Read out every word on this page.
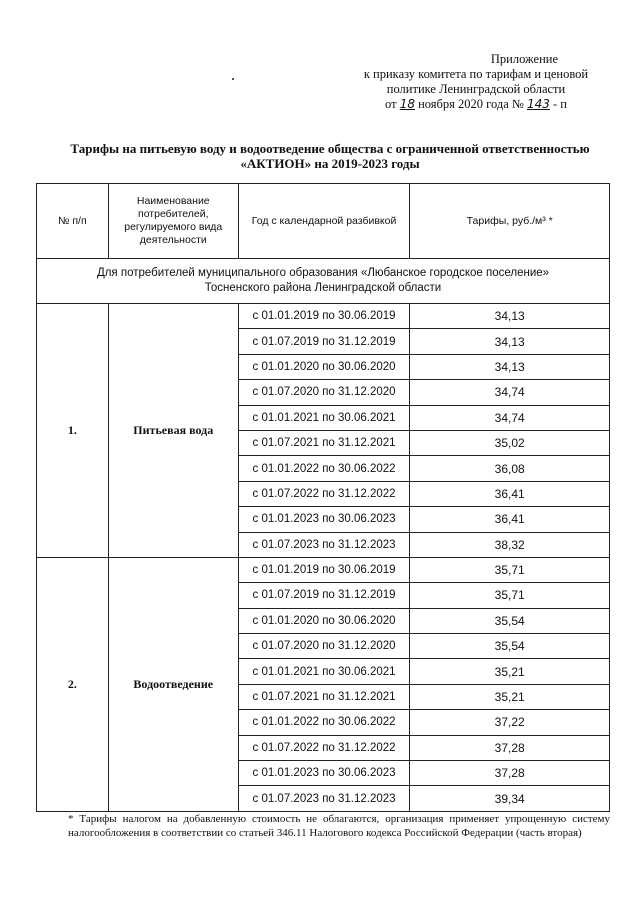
Приложение
к приказу комитета по тарифам и ценовой
политике Ленинградской области
от 18 ноября 2020 года № 143 - п
Тарифы на питьевую воду и водоотведение общества с ограниченной ответственностью
«АКТИОН» на 2019-2023 годы
№ п/п	Наименование потребителей, регулируемого вида деятельности	Год с календарной разбивкой	Тарифы, руб./м³ *

Для потребителей муниципального образования «Любанское городское поселение»
Тосненского района Ленинградской области			

1.	Питьевая вода	с 01.01.2019 по 30.06.2019	34,13
		с 01.07.2019 по 31.12.2019	34,13
		с 01.01.2020 по 30.06.2020	34,13
		с 01.07.2020 по 31.12.2020	34,74
		с 01.01.2021 по 30.06.2021	34,74
		с 01.07.2021 по 31.12.2021	35,02
		с 01.01.2022 по 30.06.2022	36,08
		с 01.07.2022 по 31.12.2022	36,41
		с 01.01.2023 по 30.06.2023	36,41
		с 01.07.2023 по 31.12.2023	38,32
2.	Водоотведение	с 01.01.2019 по 30.06.2019	35,71
		с 01.07.2019 по 31.12.2019	35,71
		с 01.01.2020 по 30.06.2020	35,54
		с 01.07.2020 по 31.12.2020	35,54
		с 01.01.2021 по 30.06.2021	35,21
		с 01.07.2021 по 31.12.2021	35,21
		с 01.01.2022 по 30.06.2022	37,22
		с 01.07.2022 по 31.12.2022	37,28
		с 01.01.2023 по 30.06.2023	37,28
		с 01.07.2023 по 31.12.2023	39,34
* Тарифы налогом на добавленную стоимость не облагаются, организация применяет упрощенную систему налогообложения в соответствии со статьей 346.11 Налогового кодекса Российской Федерации (часть вторая)
